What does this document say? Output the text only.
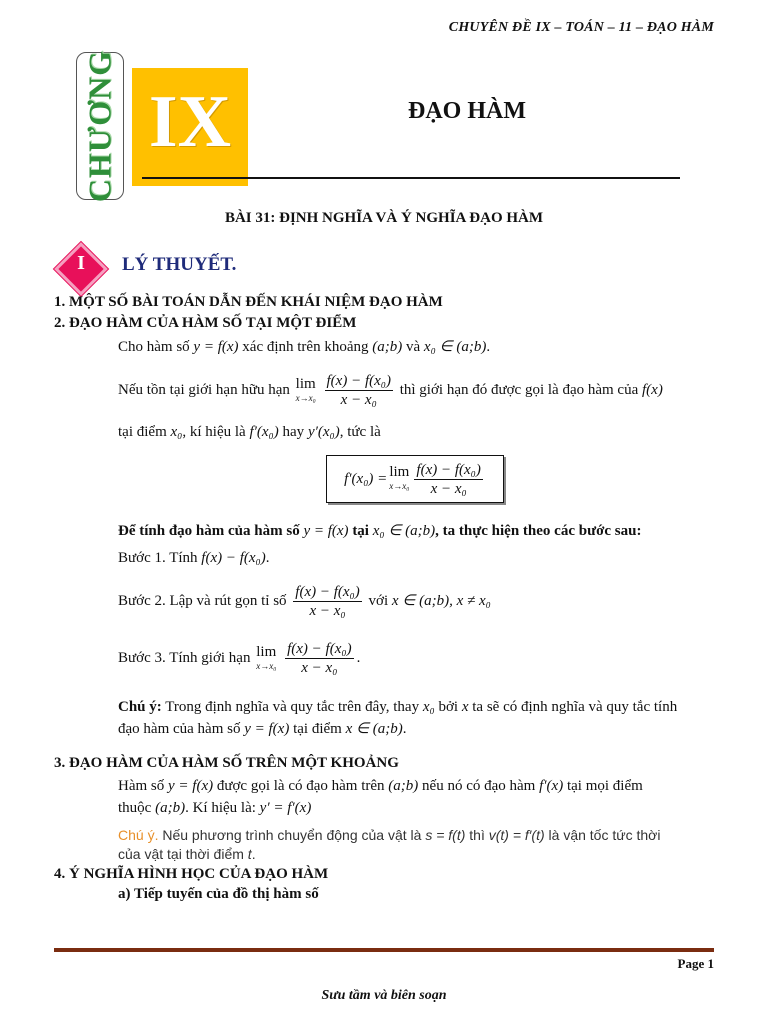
CHUYÊN ĐỀ IX – TOÁN – 11 – ĐẠO HÀM
CHƯƠNG IX	ĐẠO HÀM
BÀI 31: ĐỊNH NGHĨA VÀ Ý NGHĨA ĐẠO HÀM
I	LÝ THUYẾT.
1. MỘT SỐ BÀI TOÁN DẪN ĐẾN KHÁI NIỆM ĐẠO HÀM
2. ĐẠO HÀM CỦA HÀM SỐ TẠI MỘT ĐIỂM
Cho hàm số y = f(x) xác định trên khoảng (a;b) và x₀ ∈ (a;b).
Nếu tồn tại giới hạn hữu hạn lim
x→x₀
$\frac{\text{f(x) − f(x₀)}}{\text{x − x₀}}$ thì giới hạn đó được gọi là đạo hàm của f(x)
tại điểm x₀, kí hiệu là f′(x₀) hay y′(x₀), tức là
f′(x₀) = lim
$x\to x_0 \frac{\text{f(x) − f(x₀)}}{\text{x − x₀}}$
Để tính đạo hàm của hàm số y = f(x) tại x₀ ∈ (a;b), ta thực hiện theo các bước sau:
Bước 1. Tính f(x) − f(x₀).
Bước 2. Lập và rút gọn tỉ số $\frac{\text{f(x) − f(x₀)}}{\text{x − x₀}}$ với x ∈ (a;b), x ≠ x₀
Bước 3. Tính giới hạn lim
x→x₀
$\frac{\text{f(x) − f(x₀)}}{\text{x − x₀}}$ .
Chú ý: Trong định nghĩa và quy tắc trên đây, thay x₀ bởi x ta sẽ có định nghĩa và quy tắc tính
đạo hàm của hàm số y = f(x) tại điểm x ∈ (a;b).
3. ĐẠO HÀM CỦA HÀM SỐ TRÊN MỘT KHOẢNG
Hàm số y = f(x) được gọi là có đạo hàm trên (a;b) nếu nó có đạo hàm f′(x) tại mọi điểm
thuộc (a;b). Kí hiệu là: y′ = f′(x)
Chú ý. Nếu phương trình chuyển động của vật là s = f(t) thì v(t) = f′(t) là vận tốc tức thời
của vật tại thời điểm t.
4. Ý NGHĨA HÌNH HỌC CỦA ĐẠO HÀM
a) Tiếp tuyến của đồ thị hàm số
Page 1
Sưu tầm và biên soạn
